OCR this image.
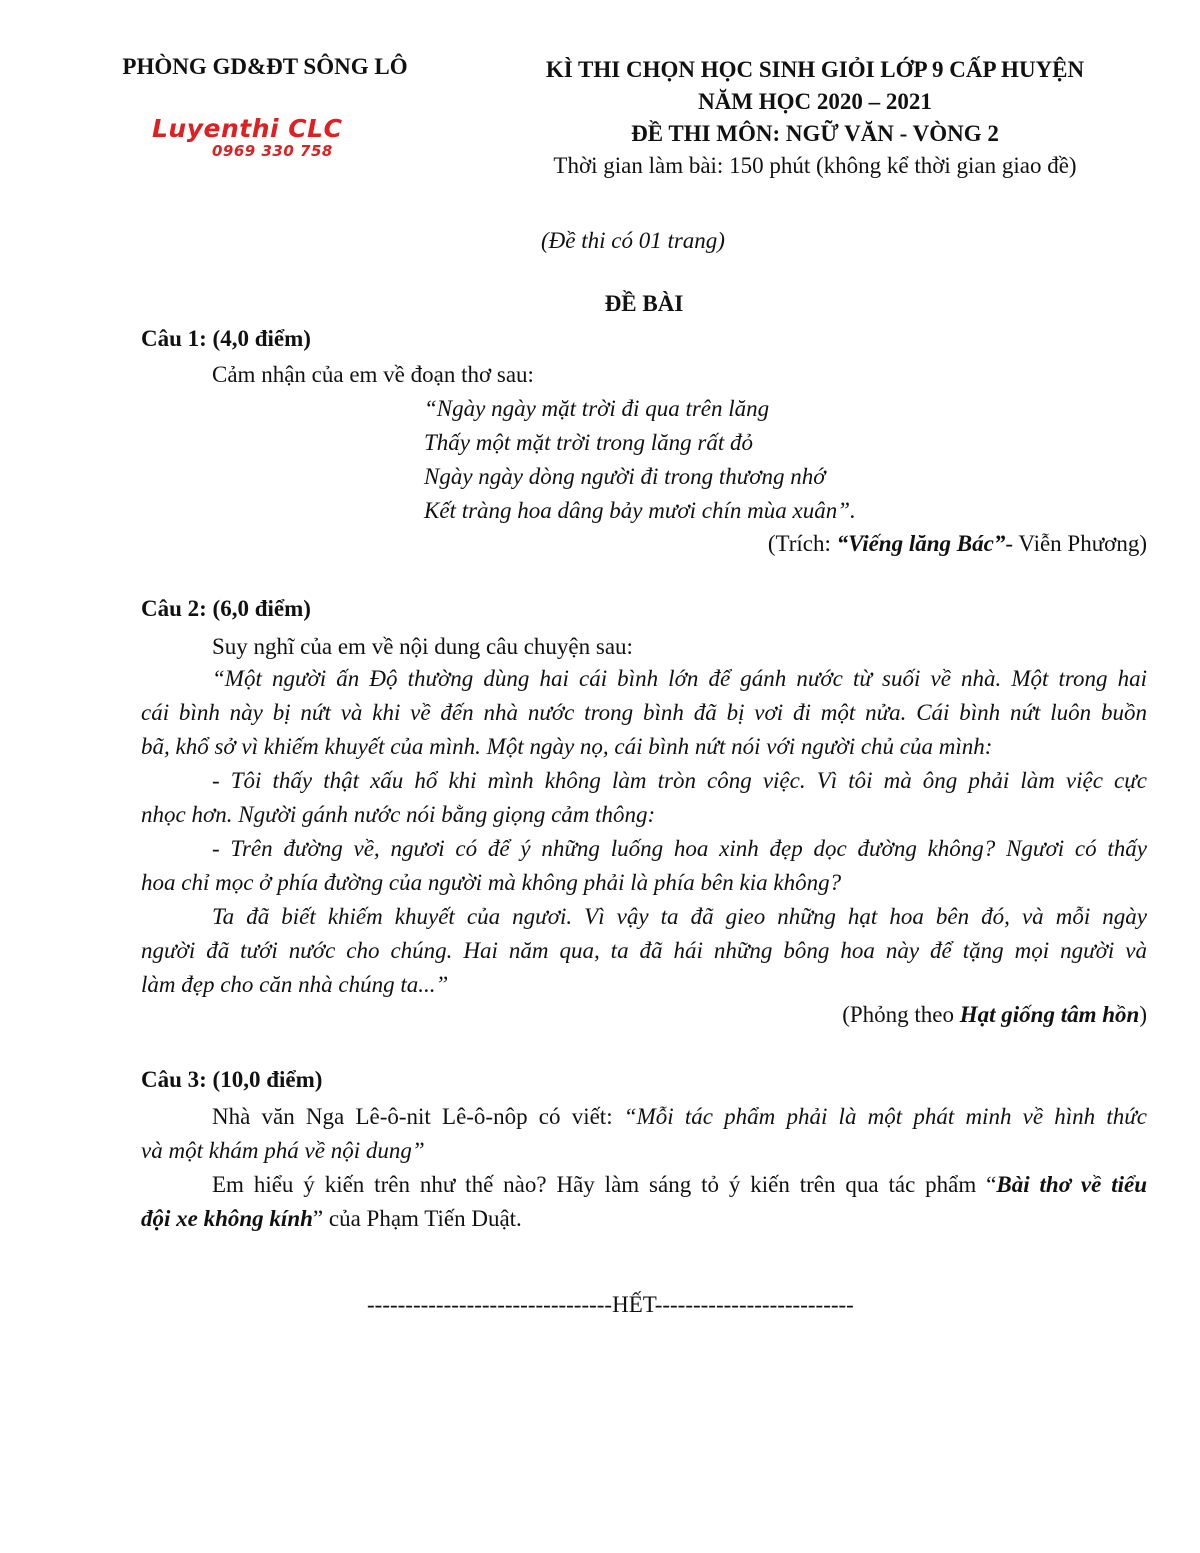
PHÒNG GD&ĐT SÔNG LÔ
Luyenthi CLC
0969 330 758
KÌ THI CHỌN HỌC SINH GIỎI LỚP 9 CẤP HUYỆN
NĂM HỌC 2020 – 2021
ĐỀ THI MÔN: NGỮ VĂN - VÒNG 2
Thời gian làm bài: 150 phút (không kể thời gian giao đề)
(Đề thi có 01 trang)
ĐỀ BÀI
Câu 1: (4,0 điểm)
Cảm nhận của em về đoạn thơ sau:
“Ngày ngày mặt trời đi qua trên lăng
Thấy một mặt trời trong lăng rất đỏ
Ngày ngày dòng người đi trong thương nhớ
Kết tràng hoa dâng bảy mươi chín mùa xuân”.
(Trích: “Viếng lăng Bác”- Viễn Phương)
Câu 2: (6,0 điểm)
Suy nghĩ của em về nội dung câu chuyện sau:
“Một người ấn Độ thường dùng hai cái bình lớn để gánh nước từ suối về nhà. Một trong hai
cái bình này bị nứt và khi về đến nhà nước trong bình đã bị vơi đi một nửa. Cái bình nứt luôn buồn
bã, khổ sở vì khiếm khuyết của mình. Một ngày nọ, cái bình nứt nói với người chủ của mình:
- Tôi thấy thật xấu hổ khi mình không làm tròn công việc. Vì tôi mà ông phải làm việc cực
nhọc hơn. Người gánh nước nói bằng giọng cảm thông:
- Trên đường về, ngươi có để ý những luống hoa xinh đẹp dọc đường không? Ngươi có thấy
hoa chỉ mọc ở phía đường của người mà không phải là phía bên kia không?
Ta đã biết khiếm khuyết của ngươi. Vì vậy ta đã gieo những hạt hoa bên đó, và mỗi ngày
người đã tưới nước cho chúng. Hai năm qua, ta đã hái những bông hoa này để tặng mọi người và
làm đẹp cho căn nhà chúng ta...”
(Phỏng theo Hạt giống tâm hồn)
Câu 3: (10,0 điểm)
Nhà văn Nga Lê-ô-nit Lê-ô-nôp có viết: “Mỗi tác phẩm phải là một phát minh về hình thức
và một khám phá về nội dung”
Em hiểu ý kiến trên như thế nào? Hãy làm sáng tỏ ý kiến trên qua tác phẩm “Bài thơ về tiểu
đội xe không kính” của Phạm Tiến Duật.
--------------------------------HẾT--------------------------
